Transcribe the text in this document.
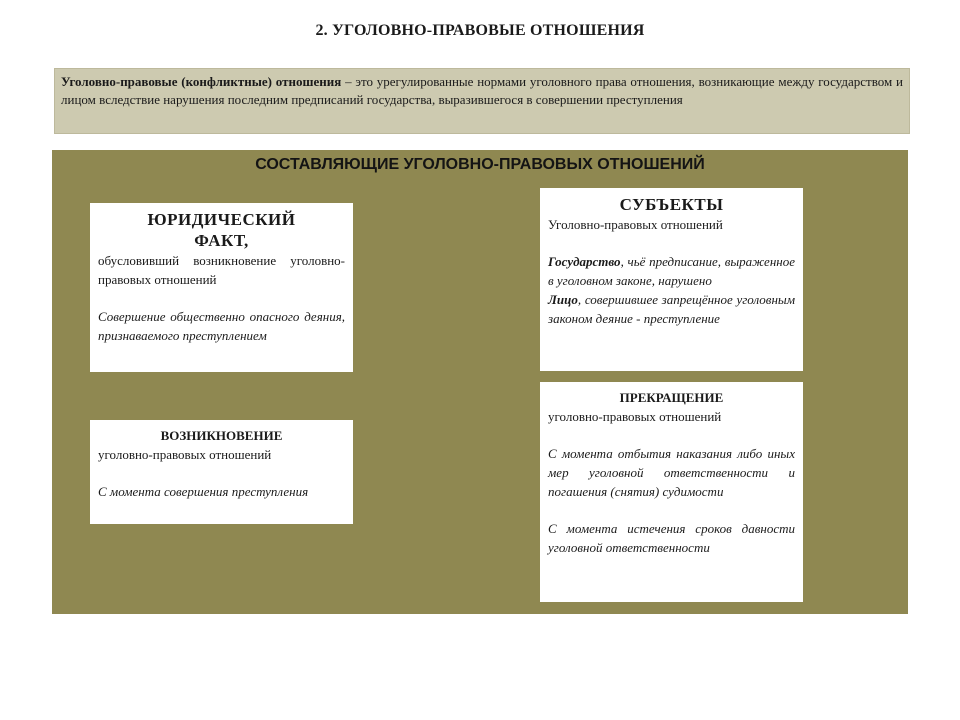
2. УГОЛОВНО-ПРАВОВЫЕ ОТНОШЕНИЯ
Уголовно-правовые (конфликтные) отношения – это урегулированные нормами уголовного права отношения, возникающие между государством и лицом вследствие нарушения последним предписаний государства, выразившегося в совершении преступления
СОСТАВЛЯЮЩИЕ УГОЛОВНО-ПРАВОВЫХ ОТНОШЕНИЙ
ЮРИДИЧЕСКИЙ
ФАКТ,
обусловивший возникновение уголовно-правовых отношений
Совершение общественно опасного деяния, признаваемого преступлением
ВОЗНИКНОВЕНИЕ
уголовно-правовых отношений
С момента совершения преступления
СУБЪЕКТЫ
Уголовно-правовых отношений
Государство, чьё предписание, выраженное в уголовном законе, нарушено
Лицо, совершившее запрещённое уголовным законом деяние - преступление
ПРЕКРАЩЕНИЕ
уголовно-правовых отношений
С момента отбытия наказания либо иных мер уголовной ответственности и погашения (снятия) судимости
С момента истечения сроков давности уголовной ответственности
